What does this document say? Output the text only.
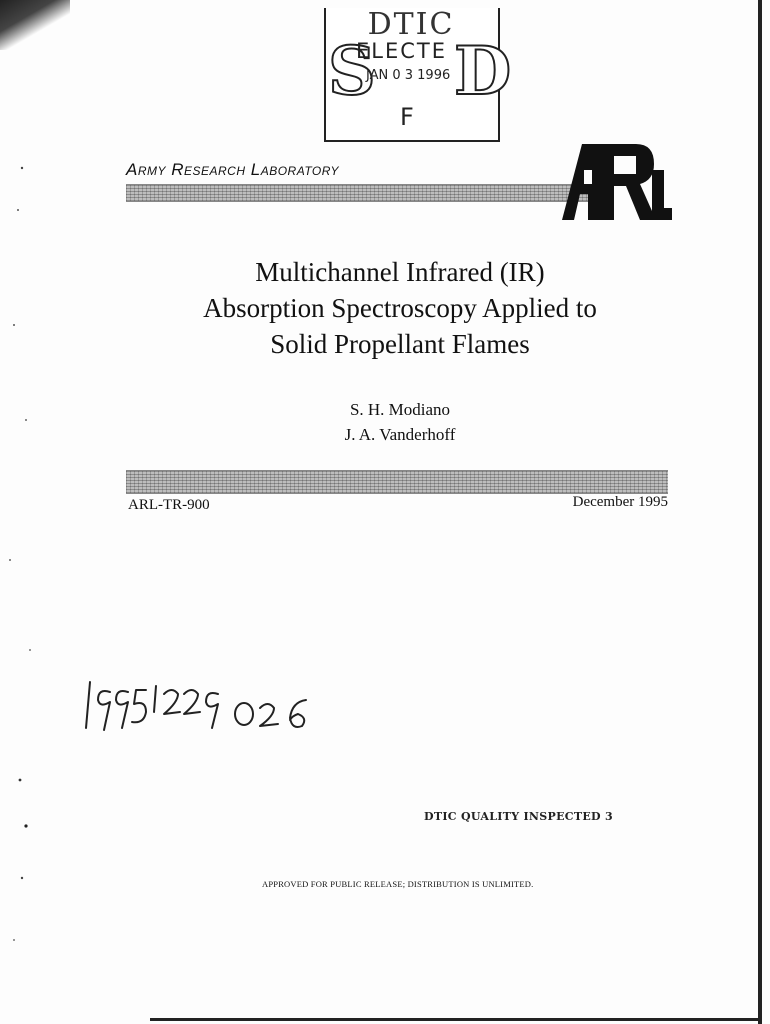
DTIC
S
ELECTE
JAN 0 3 1996 D
F
Army Research Laboratory
Multichannel Infrared (IR)
Absorption Spectroscopy Applied to
Solid Propellant Flames
S. H. Modiano
J. A. Vanderhoff
ARL-TR-900	December 1995
DTIC QUALITY INSPECTED 3
APPROVED FOR PUBLIC RELEASE; DISTRIBUTION IS UNLIMITED.
